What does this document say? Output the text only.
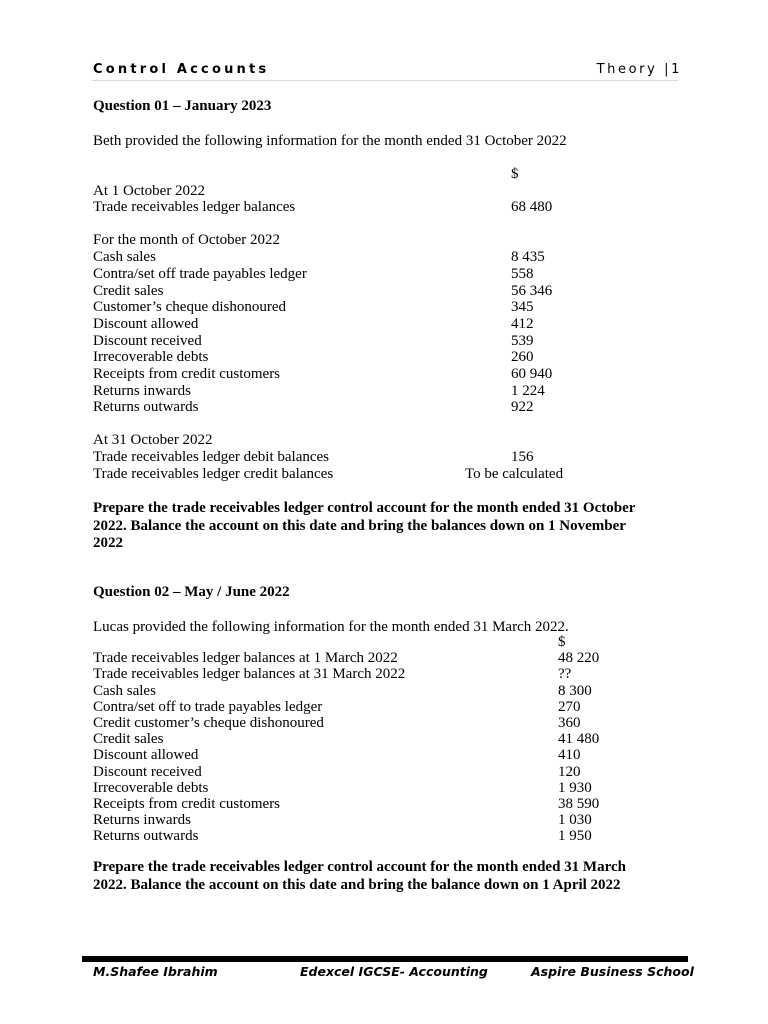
Control Accounts	Theory |1
Question 01 – January 2023
Beth provided the following information for the month ended 31 October 2022
$
At 1 October 2022
Trade receivables ledger balances	68 480
For the month of October 2022
Cash sales	8 435
Contra/set off trade payables ledger	558
Credit sales	56 346
Customer’s cheque dishonoured	345
Discount allowed	412
Discount received	539
Irrecoverable debts	260
Receipts from credit customers	60 940
Returns inwards	1 224
Returns outwards	922
At 31 October 2022
Trade receivables ledger debit balances	156
Trade receivables ledger credit balances	To be calculated
Prepare the trade receivables ledger control account for the month ended 31 October 2022. Balance the account on this date and bring the balances down on 1 November 2022
Question 02 – May / June 2022
Lucas provided the following information for the month ended 31 March 2022.
$
Trade receivables ledger balances at 1 March 2022	48 220
Trade receivables ledger balances at 31 March 2022	??
Cash sales	8 300
Contra/set off to trade payables ledger	270
Credit customer’s cheque dishonoured	360
Credit sales	41 480
Discount allowed	410
Discount received	120
Irrecoverable debts	1 930
Receipts from credit customers	38 590
Returns inwards	1 030
Returns outwards	1 950
Prepare the trade receivables ledger control account for the month ended 31 March 2022. Balance the account on this date and bring the balance down on 1 April 2022
M.Shafee Ibrahim	Edexcel IGCSE- Accounting	Aspire Business School
